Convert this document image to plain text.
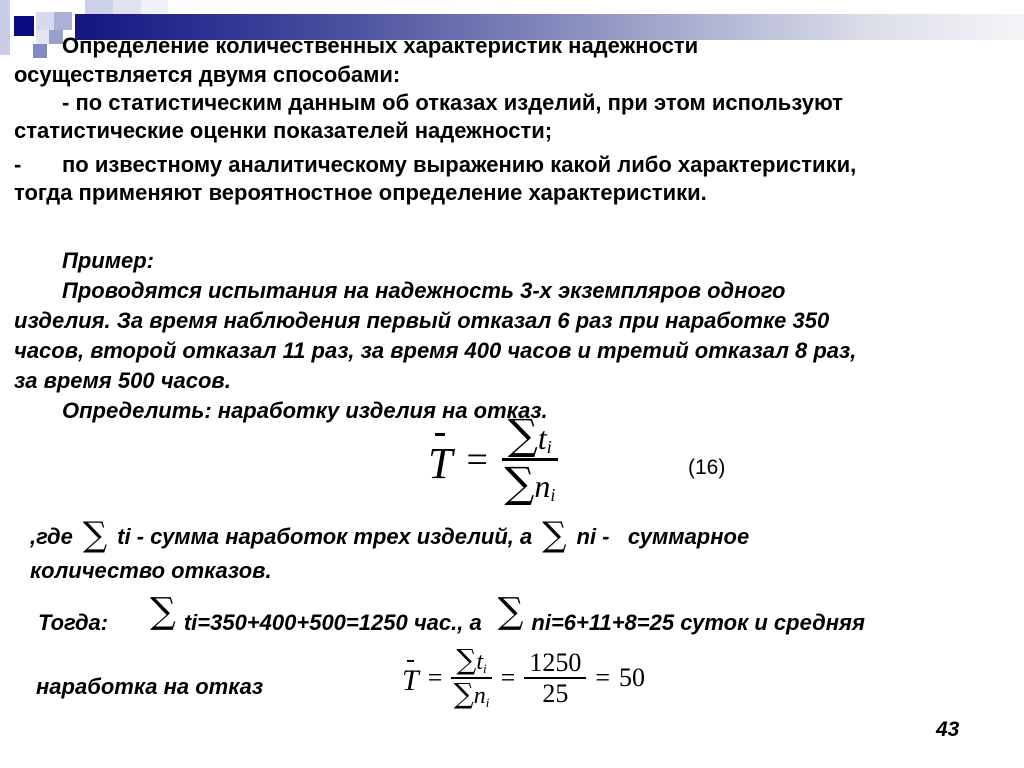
Определение количественных характеристик надежности
осуществляется двумя способами:
- по статистическим данным об отказах изделий, при этом используют
статистические оценки показателей надежности;
- по известному аналитическому выражению какой либо характеристики,
тогда применяют вероятностное определение характеристики.
Пример:
Проводятся испытания на надежность 3-х экземпляров одного
изделия. За время наблюдения первый отказал 6 раз при наработке 350
часов, второй отказал 11 раз, за время 400 часов и третий отказал 8 раз,
за время 500 часов.
Определить: наработку изделия на отказ.
$T = \frac{\sum t_i}{\sum n_i}$	(16)
,где ∑ ti - сумма наработок трех изделий, а ∑ ni -   суммарное
количество отказов.
Тогда: ∑ ti=350+400+500=1250 час., а ∑ ni=6+11+8=25 суток и средняя
наработка на отказ	$T = \frac{\sum t_i}{\sum n_i} = \frac{1250}{25} = 50$
43
